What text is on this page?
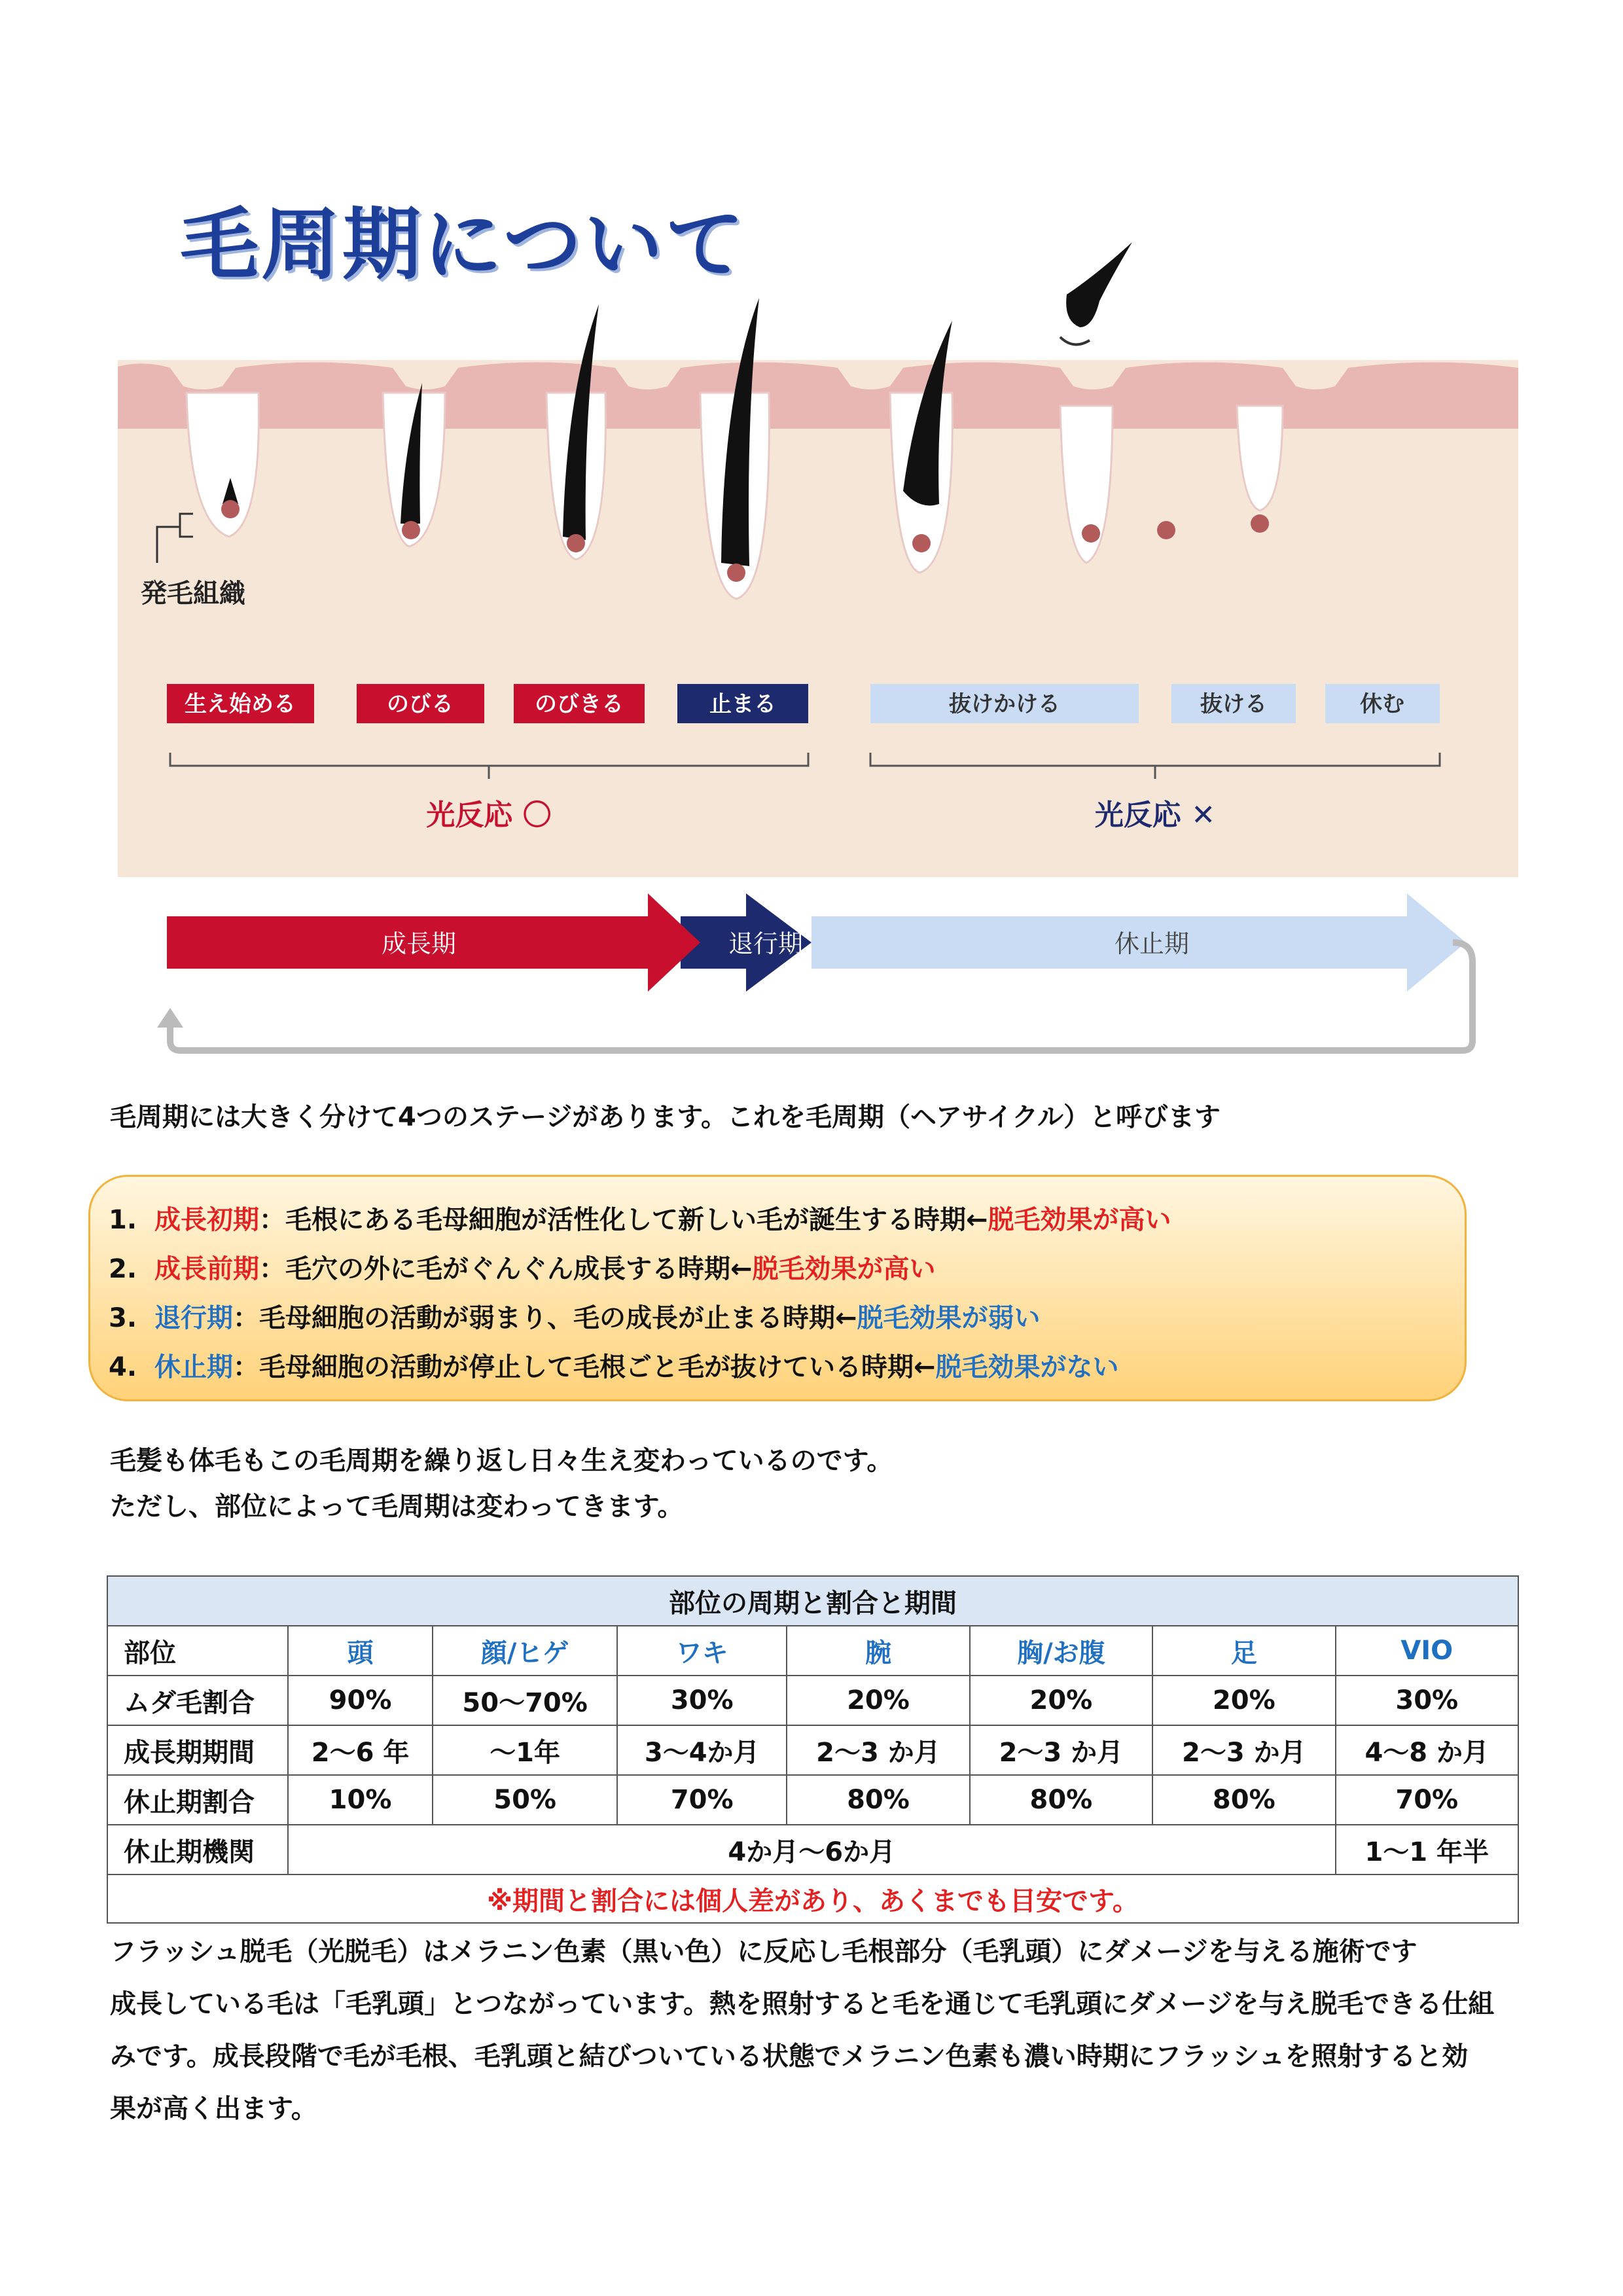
発毛組織
生え始める	のびる	のびきる	止まる	抜けかける	抜ける	休む
光反応 〇	光反応 ✕
成長期	退行期	休止期
毛周期について
毛周期には大きく分けて4つのステージがあります。これを毛周期（ヘアサイクル）と呼びます
1. 成長初期：毛根にある毛母細胞が活性化して新しい毛が誕生する時期←脱毛効果が高い
2. 成長前期：毛穴の外に毛がぐんぐん成長する時期←脱毛効果が高い
3. 退行期：毛母細胞の活動が弱まり、毛の成長が止まる時期←脱毛効果が弱い
4. 休止期：毛母細胞の活動が停止して毛根ごと毛が抜けている時期←脱毛効果がない
毛髪も体毛もこの毛周期を繰り返し日々生え変わっているのです。
ただし、部位によって毛周期は変わってきます。
部位の周期と割合と期間							
部位	頭	顔/ヒゲ	ワキ	腕	胸/お腹	足	VIO
ムダ毛割合	90%	50～70%	30%	20%	20%	20%	30%
成長期期間	2～6 年	～1年	3～4か月	2～3 か月	2～3 か月	2～3 か月	4～8 か月
休止期割合	10%	50%	70%	80%	80%	80%	70%
休止期機関	4か月～6か月						1～1 年半
※期間と割合には個人差があり、あくまでも目安です。							
フラッシュ脱毛（光脱毛）はメラニン色素（黒い色）に反応し毛根部分（毛乳頭）にダメージを与える施術です
成長している毛は「毛乳頭」とつながっています。熱を照射すると毛を通じて毛乳頭にダメージを与え脱毛できる仕組
みです。成長段階で毛が毛根、毛乳頭と結びついている状態でメラニン色素も濃い時期にフラッシュを照射すると効
果が高く出ます。
